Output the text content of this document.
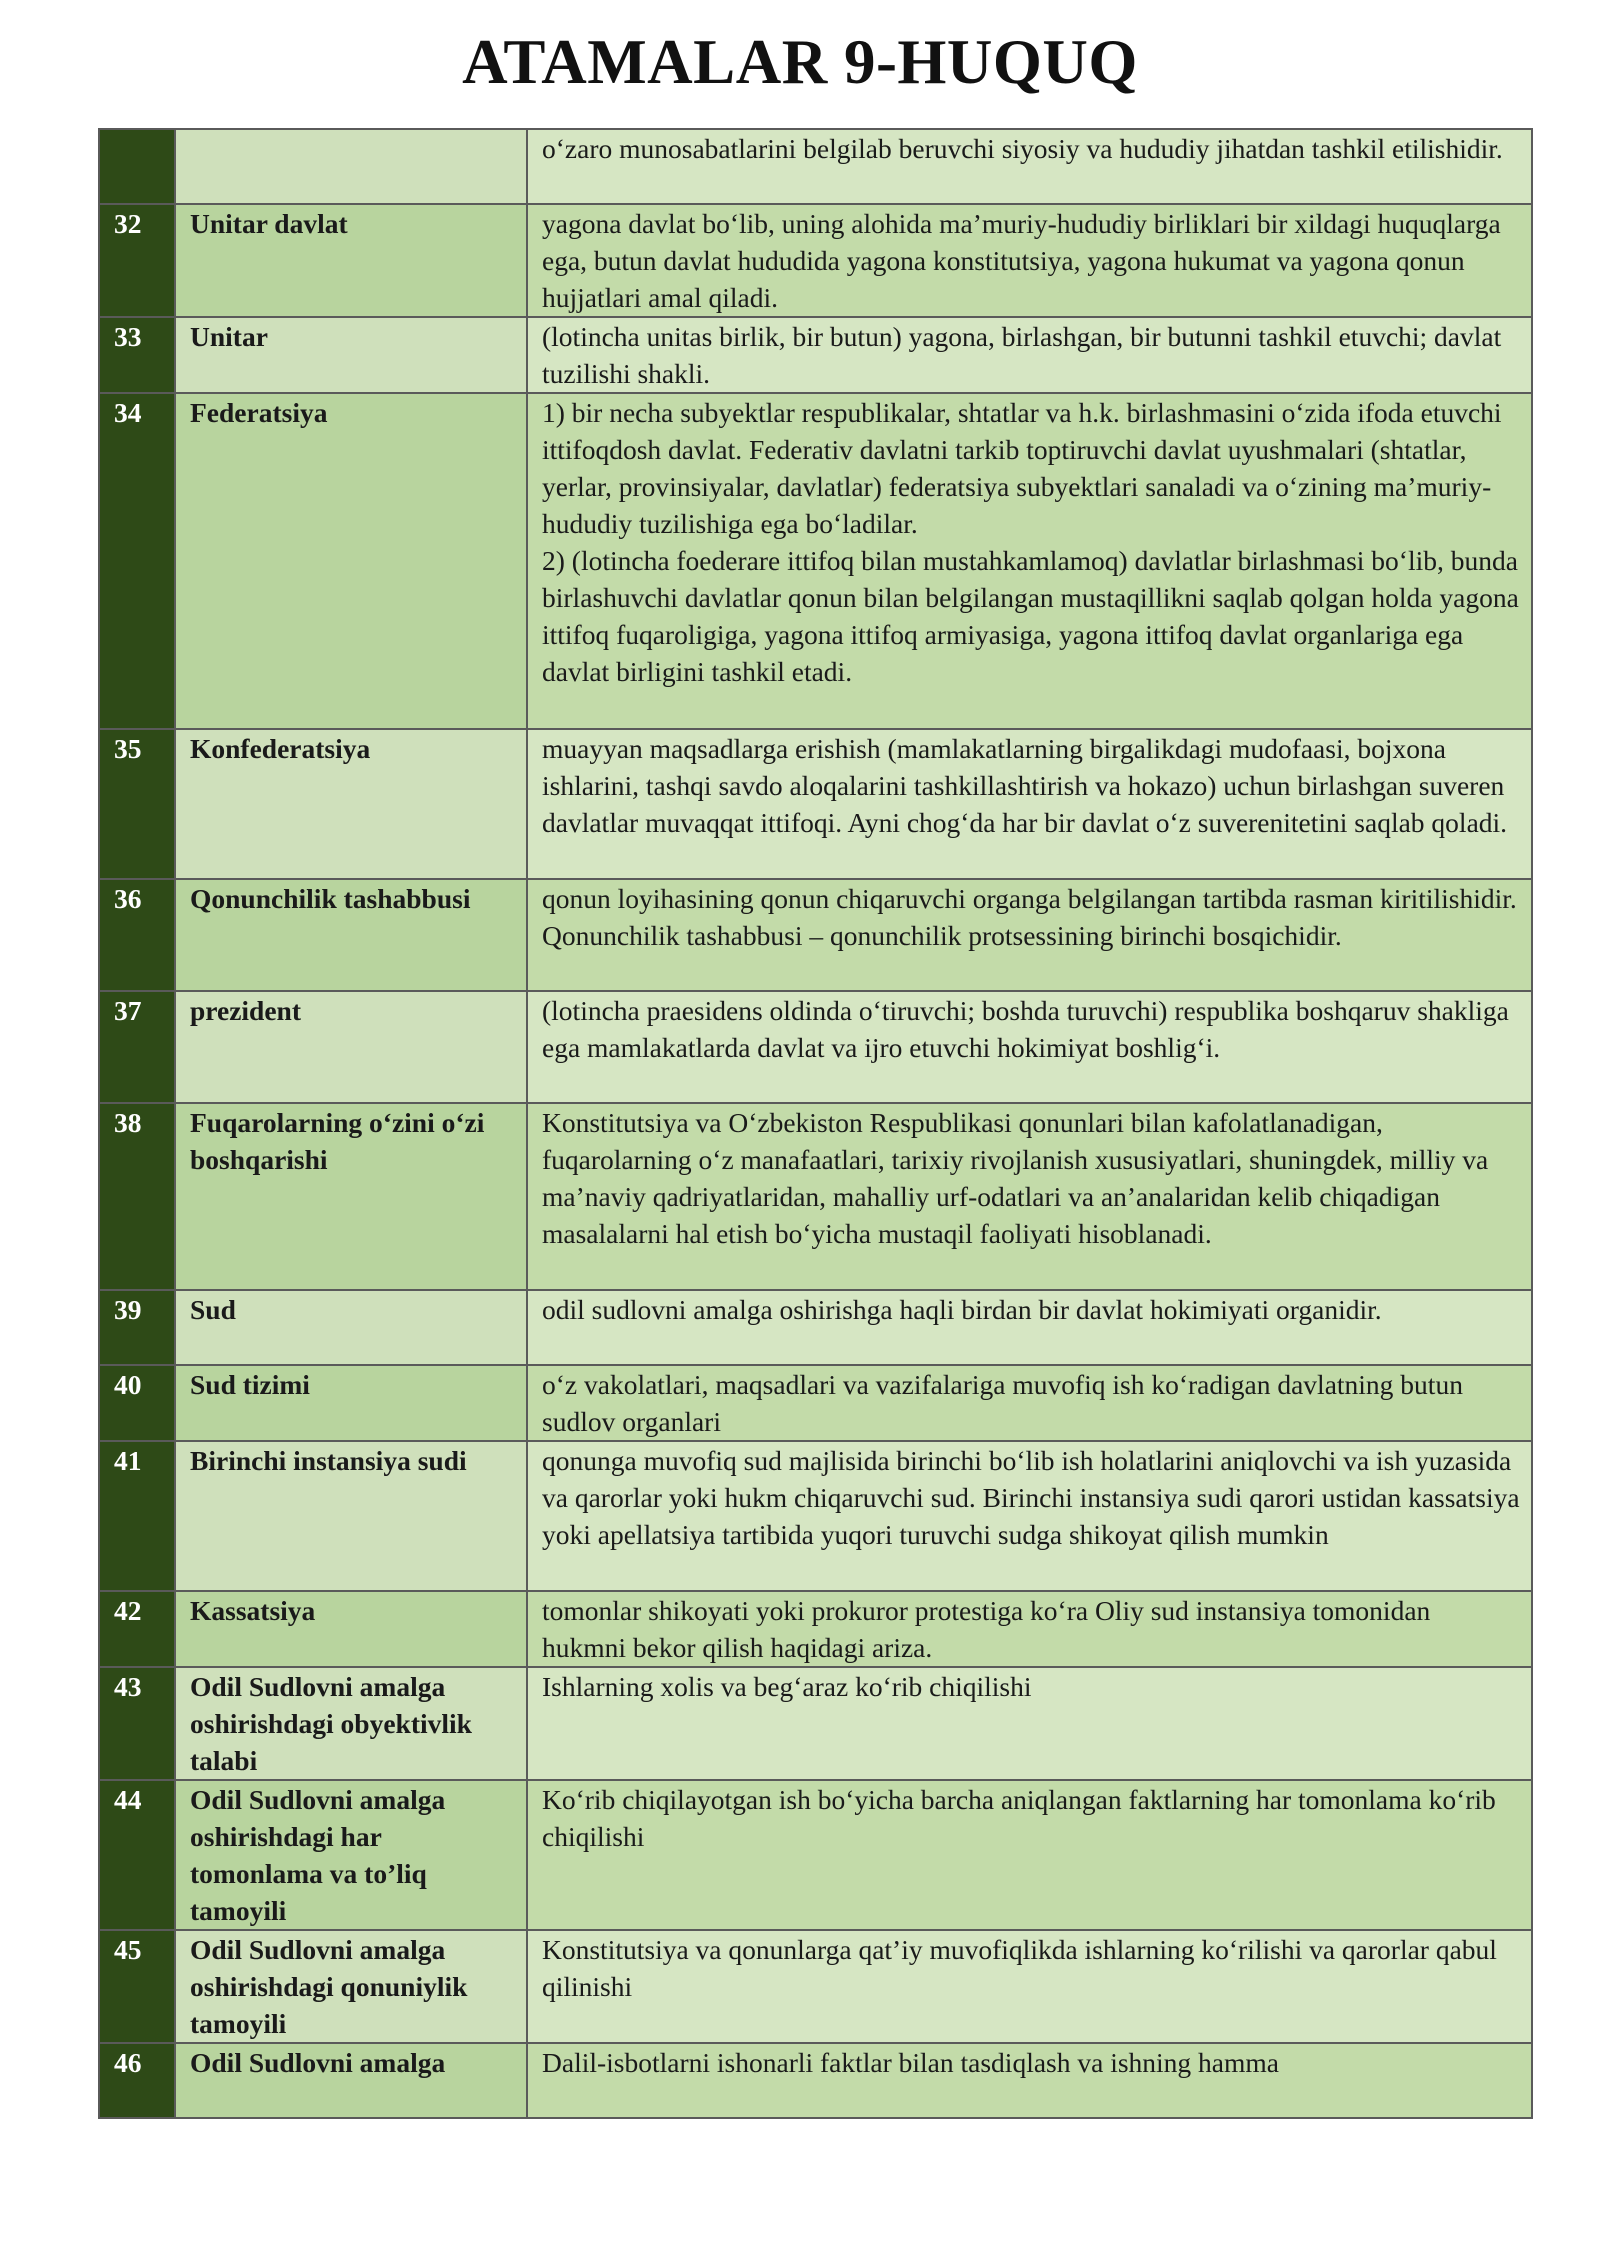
ATAMALAR 9-HUQUQ
		o‘zaro munosabatlarini belgilab beruvchi siyosiy va hududiy jihatdan tashkil etilishidir.
32	Unitar davlat	yagona davlat bo‘lib, uning alohida ma’muriy-hududiy birliklari bir xildagi huquqlarga ega, butun davlat hududida yagona konstitutsiya, yagona hukumat va yagona qonun hujjatlari amal qiladi.
33	Unitar	(lotincha unitas birlik, bir butun) yagona, birlashgan, bir butunni tashkil etuvchi; davlat tuzilishi shakli.
34	Federatsiya	1) bir necha subyektlar respublikalar, shtatlar va h.k. birlashmasini o‘zida ifoda etuvchi ittifoqdosh davlat. Federativ davlatni tarkib toptiruvchi davlat uyushmalari (shtatlar, yerlar, provinsiyalar, davlatlar) federatsiya subyektlari sanaladi va o‘zining ma’muriy-hududiy tuzilishiga ega bo‘ladilar.
2) (lotincha foederare ittifoq bilan mustahkamlamoq) davlatlar birlashmasi bo‘lib, bunda birlashuvchi davlatlar qonun bilan belgilangan mustaqillikni saqlab qolgan holda yagona ittifoq fuqaroligiga, yagona ittifoq armiyasiga, yagona ittifoq davlat organlariga ega davlat birligini tashkil etadi.

35	Konfederatsiya	muayyan maqsadlarga erishish (mamlakatlarning birgalikdagi mudofaasi, bojxona ishlarini, tashqi savdo aloqalarini tashkillashtirish va hokazo) uchun birlashgan suveren davlatlar muvaqqat ittifoqi. Ayni chog‘da har bir davlat o‘z suverenitetini saqlab qoladi.
36	Qonunchilik tashabbusi	qonun loyihasining qonun chiqaruvchi organga belgilangan tartibda rasman kiritilishidir. Qonunchilik tashabbusi – qonunchilik protsessining birinchi bosqichidir.
37	prezident	(lotincha praesidens oldinda o‘tiruvchi; boshda turuvchi) respublika boshqaruv shakliga ega mamlakatlarda davlat va ijro etuvchi hokimiyat boshlig‘i.
38	Fuqarolarning o‘zini o‘zi boshqarishi	Konstitutsiya va O‘zbekiston Respublikasi qonunlari bilan kafolatlanadigan, fuqarolarning o‘z manafaatlari, tarixiy rivojlanish xususiyatlari, shuningdek, milliy va ma’naviy qadriyatlaridan, mahalliy urf-odatlari va an’analaridan kelib chiqadigan masalalarni hal etish bo‘yicha mustaqil faoliyati hisoblanadi.
39	Sud	odil sudlovni amalga oshirishga haqli birdan bir davlat hokimiyati organidir.
40	Sud tizimi	o‘z vakolatlari, maqsadlari va vazifalariga muvofiq ish ko‘radigan davlatning butun sudlov organlari
41	Birinchi instansiya sudi	qonunga muvofiq sud majlisida birinchi bo‘lib ish holatlarini aniqlovchi va ish yuzasida va qarorlar yoki hukm chiqaruvchi sud. Birinchi instansiya sudi qarori ustidan kassatsiya yoki apellatsiya tartibida yuqori turuvchi sudga shikoyat qilish mumkin
42	Kassatsiya	tomonlar shikoyati yoki prokuror protestiga ko‘ra Oliy sud instansiya tomonidan hukmni bekor qilish haqidagi ariza.
43	Odil Sudlovni amalga oshirishdagi obyektivlik talabi	Ishlarning xolis va beg‘araz ko‘rib chiqilishi
44	Odil Sudlovni amalga oshirishdagi har tomonlama va to’liq tamoyili	Ko‘rib chiqilayotgan ish bo‘yicha barcha aniqlangan faktlarning har tomonlama ko‘rib chiqilishi
45	Odil Sudlovni amalga oshirishdagi qonuniylik tamoyili	Konstitutsiya va qonunlarga qat’iy muvofiqlikda ishlarning ko‘rilishi va qarorlar qabul qilinishi
46	Odil Sudlovni amalga	Dalil-isbotlarni ishonarli faktlar bilan tasdiqlash va ishning hamma
